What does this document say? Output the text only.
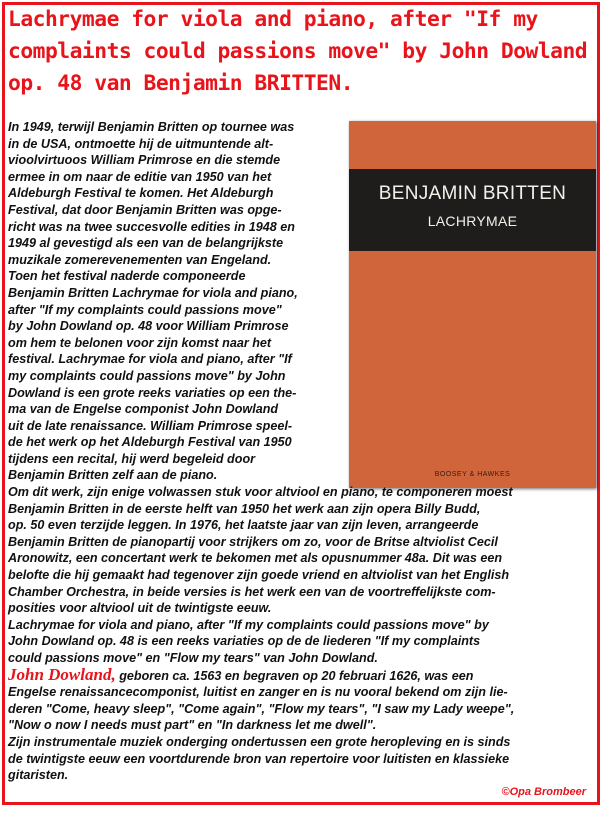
Lachrymae for viola and piano, after "If my
complaints could passions move" by John Dowland
op. 48 van Benjamin BRITTEN.
BENJAMIN BRITTEN
LACHRYMAE
BOOSEY & HAWKES
In 1949, terwijl Benjamin Britten op tournee was
in de USA, ontmoette hij de uitmuntende alt-
vioolvirtuoos William Primrose en die stemde
ermee in om naar de editie van 1950 van het
Aldeburgh Festival te komen. Het Aldeburgh
Festival, dat door Benjamin Britten was opge-
richt was na twee succesvolle edities in 1948 en
1949 al gevestigd als een van de belangrijkste
muzikale zomerevenementen van Engeland.
Toen het festival naderde componeerde
Benjamin Britten Lachrymae for viola and piano,
after "If my complaints could passions move"
by John Dowland op. 48 voor William Primrose
om hem te belonen voor zijn komst naar het
festival. Lachrymae for viola and piano, after "If
my complaints could passions move" by John
Dowland is een grote reeks variaties op een the-
ma van de Engelse componist John Dowland
uit de late renaissance. William Primrose speel-
de het werk op het Aldeburgh Festival van 1950
tijdens een recital, hij werd begeleid door
Benjamin Britten zelf aan de piano.
Om dit werk, zijn enige volwassen stuk voor altviool en piano, te componeren moest
Benjamin Britten in de eerste helft van 1950 het werk aan zijn opera Billy Budd,
op. 50 even terzijde leggen. In 1976, het laatste jaar van zijn leven, arrangeerde
Benjamin Britten de pianopartij voor strijkers om zo, voor de Britse altviolist Cecil
Aronowitz, een concertant werk te bekomen met als opusnummer 48a. Dit was een
belofte die hij gemaakt had tegenover zijn goede vriend en altviolist van het English
Chamber Orchestra, in beide versies is het werk een van de voortreffelijkste com-
posities voor altviool uit de twintigste eeuw.
Lachrymae for viola and piano, after "If my complaints could passions move" by
John Dowland op. 48 is een reeks variaties op de de liederen "If my complaints
could passions move" en "Flow my tears" van John Dowland.
John Dowland, geboren ca. 1563 en begraven op 20 februari 1626, was een
Engelse renaissancecomponist, luitist en zanger en is nu vooral bekend om zijn lie-
deren "Come, heavy sleep", "Come again", "Flow my tears", "I saw my Lady weepe",
"Now o now I needs must part" en "In darkness let me dwell".
Zijn instrumentale muziek onderging ondertussen een grote heropleving en is sinds
de twintigste eeuw een voortdurende bron van repertoire voor luitisten en klassieke
gitaristen.
©Opa Brombeer
